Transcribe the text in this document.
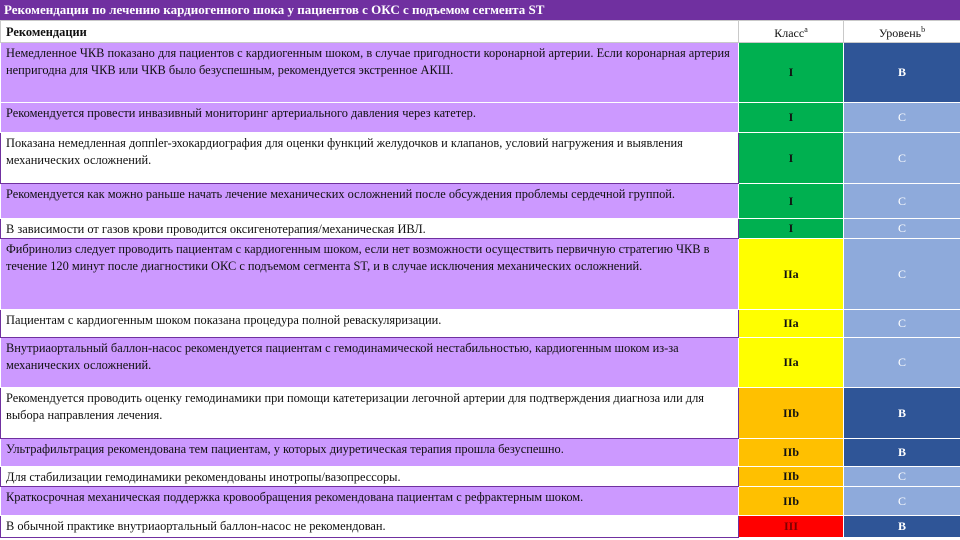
Рекомендации по лечению кардиогенного шока у пациентов с ОКС с подъемом сегмента ST
Рекомендации	Класс$^a$	Уровень$^b$
Немедленное ЧКВ показано для пациентов с кардиогенным шоком, в случае пригодности коронарной артерии. Если коронарная артерия непригодна для ЧКВ или ЧКВ было безуспешным, рекомендуется экстренное АКШ.	I	B
Рекомендуется провести инвазивный мониторинг артериального давления через катетер.	I	C
Показана немедленная доппler-эхокардиография для оценки функций желудочков и клапанов, условий нагружения и выявления механических осложнений.	I	C
Рекомендуется как можно раньше начать лечение механических осложнений после обсуждения проблемы сердечной группой.	I	C
В зависимости от газов крови проводится оксигенотерапия/механическая ИВЛ.	I	C
Фибринолиз следует проводить пациентам с кардиогенным шоком, если нет возможности осуществить первичную стратегию ЧКВ в течение 120 минут после диагностики ОКС с подъемом сегмента ST, и в случае исключения механических осложнений.	IIa	C
Пациентам с кардиогенным шоком показана процедура полной реваскуляризации.	IIa	C
Внутриаортальный баллон-насос рекомендуется пациентам с гемодинамической нестабильностью, кардиогенным шоком из-за механических осложнений.	IIa	C
Рекомендуется проводить оценку гемодинамики при помощи катетеризации легочной артерии для подтверждения диагноза или для выбора направления лечения.	IIb	B
Ультрафильтрация рекомендована тем пациентам, у которых диуретическая терапия прошла безуспешно.	IIb	B
Для стабилизации гемодинамики рекомендованы инотропы/вазопрессоры.	IIb	C
Краткосрочная механическая поддержка кровообращения рекомендована пациентам с рефрактерным шоком.	IIb	C
В обычной практике внутриаортальный баллон-насос не рекомендован.	III	B
